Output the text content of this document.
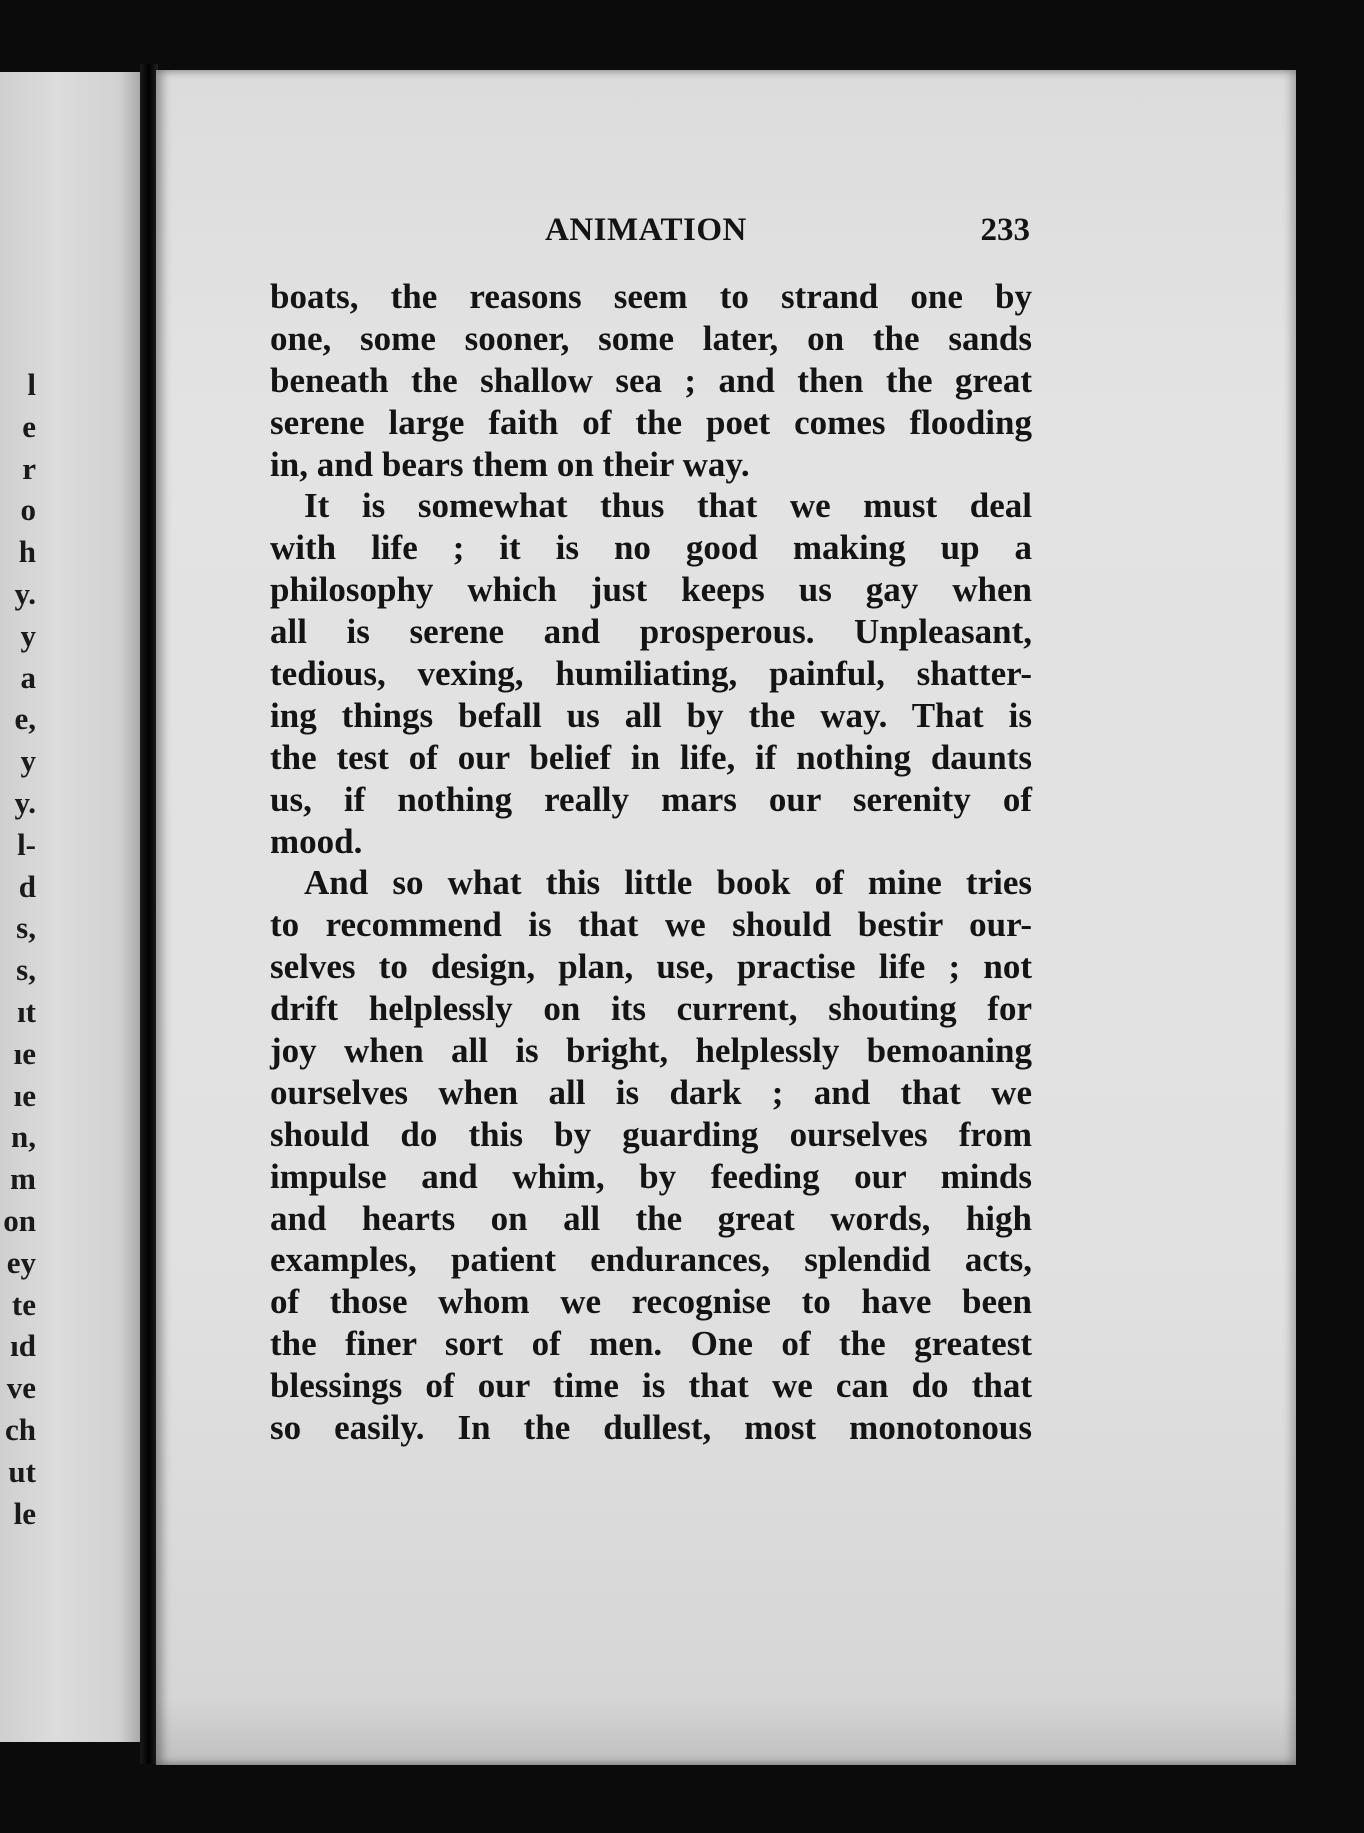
l
e
r
o
h
y.
y
a
e,
y
y.
l-
d
s,
s,
ıt
ıe
ıe
n,
m
on
ey
te
ıd
ve
ch
ut
le
ANIMATION	233
boats, the reasons seem to strand one by
one, some sooner, some later, on the sands
beneath the shallow sea ; and then the great
serene large faith of the poet comes flooding
in, and bears them on their way.
It is somewhat thus that we must deal
with life ; it is no good making up a
philosophy which just keeps us gay when
all is serene and prosperous. Unpleasant,
tedious, vexing, humiliating, painful, shatter-
ing things befall us all by the way. That is
the test of our belief in life, if nothing daunts
us, if nothing really mars our serenity of
mood.
And so what this little book of mine tries
to recommend is that we should bestir our-
selves to design, plan, use, practise life ; not
drift helplessly on its current, shouting for
joy when all is bright, helplessly bemoaning
ourselves when all is dark ; and that we
should do this by guarding ourselves from
impulse and whim, by feeding our minds
and hearts on all the great words, high
examples, patient endurances, splendid acts,
of those whom we recognise to have been
the finer sort of men. One of the greatest
blessings of our time is that we can do that
so easily. In the dullest, most monotonous
